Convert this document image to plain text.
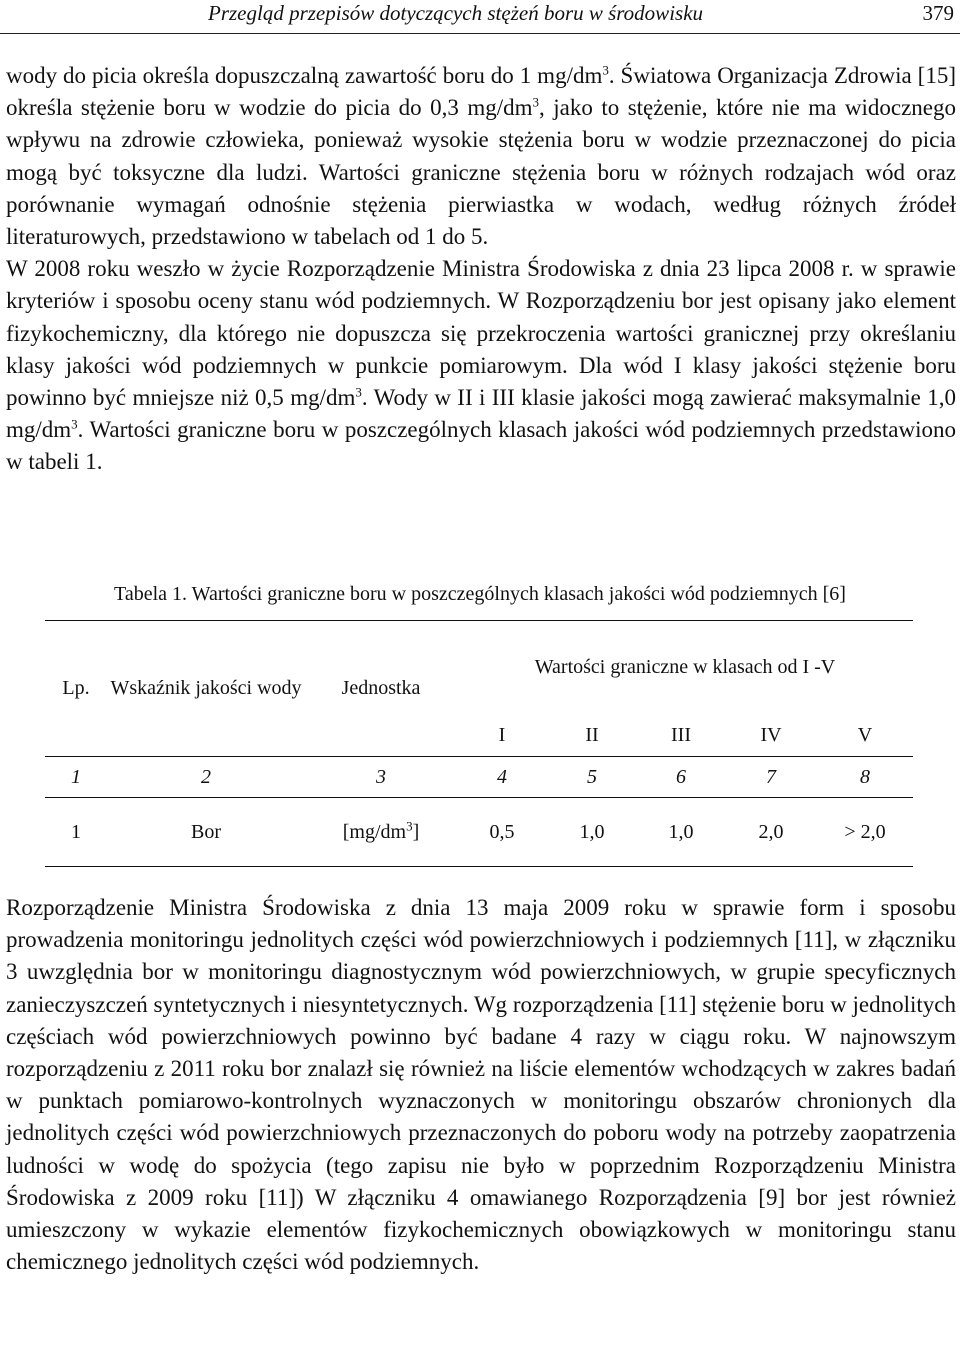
Przegląd przepisów dotyczących stężeń boru w środowisku	379

wody do picia określa dopuszczalną zawartość boru do 1 $mg/dm^3$. Światowa Organizacja Zdrowia [15] określa stężenie boru w wodzie do picia do 0,3 $mg/dm^3$, jako to stężenie, które nie ma widocznego wpływu na zdrowie człowieka, ponieważ wysokie stężenia boru w wodzie przeznaczonej do picia mogą być toksyczne dla ludzi. Wartości graniczne stężenia boru w różnych rodzajach wód oraz porównanie wymagań odnośnie stężenia pierwiastka w wodach, według różnych źródeł literaturowych, przedstawiono w tabelach od 1 do 5.
W 2008 roku weszło w życie Rozporządzenie Ministra Środowiska z dnia 23 lipca 2008 r. w sprawie kryteriów i sposobu oceny stanu wód podziemnych. W Rozporządzeniu bor jest opisany jako element fizykochemiczny, dla którego nie dopuszcza się przekroczenia wartości granicznej przy określaniu klasy jakości wód podziemnych w punkcie pomiarowym. Dla wód I klasy jakości stężenie boru powinno być mniejsze niż 0,5 $mg/dm^3$. Wody w II i III klasie jakości mogą zawierać maksymalnie 1,0 $mg/dm^3$. Wartości graniczne boru w poszczególnych klasach jakości wód podziemnych przedstawiono w tabeli 1.

Tabela 1. Wartości graniczne boru w poszczególnych klasach jakości wód podziemnych [6]
Lp.	Wskaźnik jakości wody	Jednostka	Wartości graniczne w klasach od I -V				
			I	II	III	IV	V
1	2	3	4	5	6	7	8
1	Bor	$[mg/dm^3]$	0,5	1,0	1,0	2,0	> 2,0

Rozporządzenie Ministra Środowiska z dnia 13 maja 2009 roku w sprawie form i sposobu prowadzenia monitoringu jednolitych części wód powierzchniowych i podziemnych [11], w złączniku 3 uwzględnia bor w monitoringu diagnostycznym wód powierzchniowych, w grupie specyficznych zanieczyszczeń syntetycznych i niesyntetycznych. Wg rozporządzenia [11] stężenie boru w jednolitych częściach wód powierzchniowych powinno być badane 4 razy w ciągu roku. W najnowszym rozporządzeniu z 2011 roku bor znalazł się również na liście elementów wchodzących w zakres badań w punktach pomiarowo-kontrolnych wyznaczonych w monitoringu obszarów chronionych dla jednolitych części wód powierzchniowych przeznaczonych do poboru wody na potrzeby zaopatrzenia ludności w wodę do spożycia (tego zapisu nie było w poprzednim Rozporządzeniu Ministra Środowiska z 2009 roku [11]) W złączniku 4 omawianego Rozporządzenia [9] bor jest również umieszczony w wykazie elementów fizykochemicznych obowiązkowych w monitoringu stanu chemicznego jednolitych części wód podziemnych.
